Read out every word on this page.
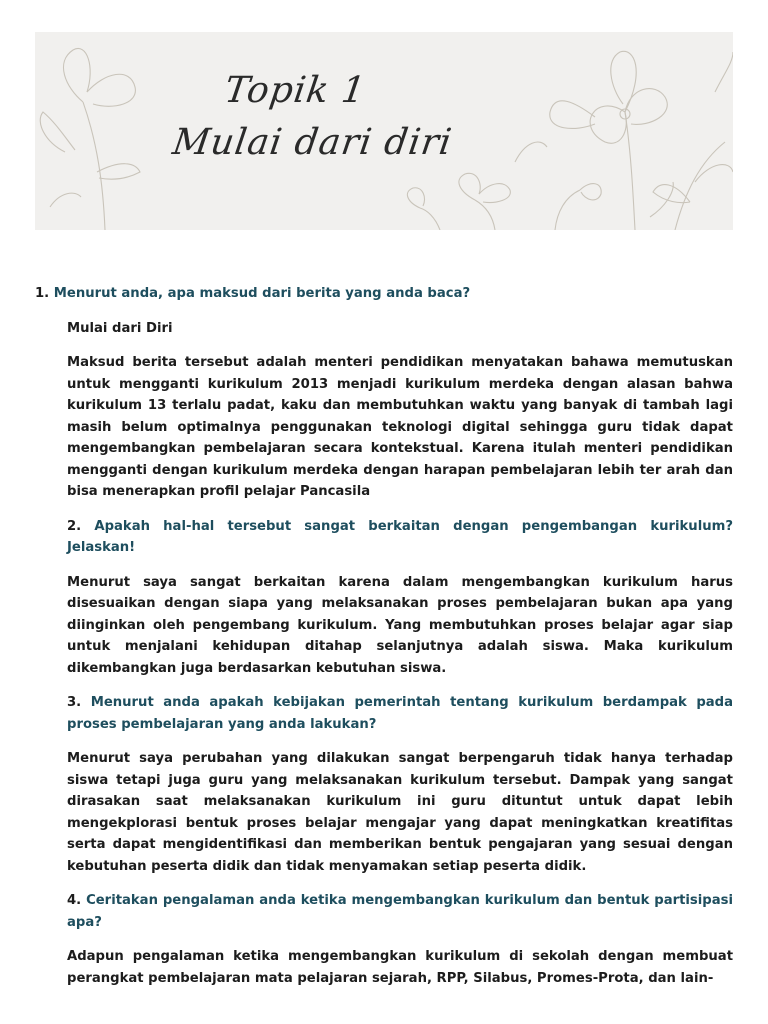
Topik 1
Mulai dari diri
1. Menurut anda, apa maksud dari berita yang anda baca?
Mulai dari Diri
Maksud berita tersebut adalah menteri pendidikan menyatakan bahawa memutuskan untuk mengganti kurikulum 2013 menjadi kurikulum merdeka dengan alasan bahwa kurikulum 13 terlalu padat, kaku dan membutuhkan waktu yang banyak di tambah lagi masih belum optimalnya penggunakan teknologi digital sehingga guru tidak dapat mengembangkan pembelajaran secara kontekstual. Karena itulah menteri pendidikan mengganti dengan kurikulum merdeka dengan harapan pembelajaran lebih ter arah dan bisa menerapkan profil pelajar Pancasila
2. Apakah hal-hal tersebut sangat berkaitan dengan pengembangan kurikulum? Jelaskan!
Menurut saya sangat berkaitan karena dalam mengembangkan kurikulum harus disesuaikan dengan siapa yang melaksanakan proses pembelajaran bukan apa yang diinginkan oleh pengembang kurikulum. Yang membutuhkan proses belajar agar siap untuk menjalani kehidupan ditahap selanjutnya adalah siswa. Maka kurikulum dikembangkan juga berdasarkan kebutuhan siswa.
3. Menurut anda apakah kebijakan pemerintah tentang kurikulum berdampak pada proses pembelajaran yang anda lakukan?
Menurut saya perubahan yang dilakukan sangat berpengaruh tidak hanya terhadap siswa tetapi juga guru yang melaksanakan kurikulum tersebut. Dampak yang sangat dirasakan saat melaksanakan kurikulum ini guru dituntut untuk dapat lebih mengekplorasi bentuk proses belajar mengajar yang dapat meningkatkan kreatifitas serta dapat mengidentifikasi dan memberikan bentuk pengajaran yang sesuai dengan kebutuhan peserta didik dan tidak menyamakan setiap peserta didik.
4. Ceritakan pengalaman anda ketika mengembangkan kurikulum dan bentuk partisipasi apa?
Adapun pengalaman ketika mengembangkan kurikulum di sekolah dengan membuat perangkat pembelajaran mata pelajaran sejarah, RPP, Silabus, Promes-Prota, dan lain-
